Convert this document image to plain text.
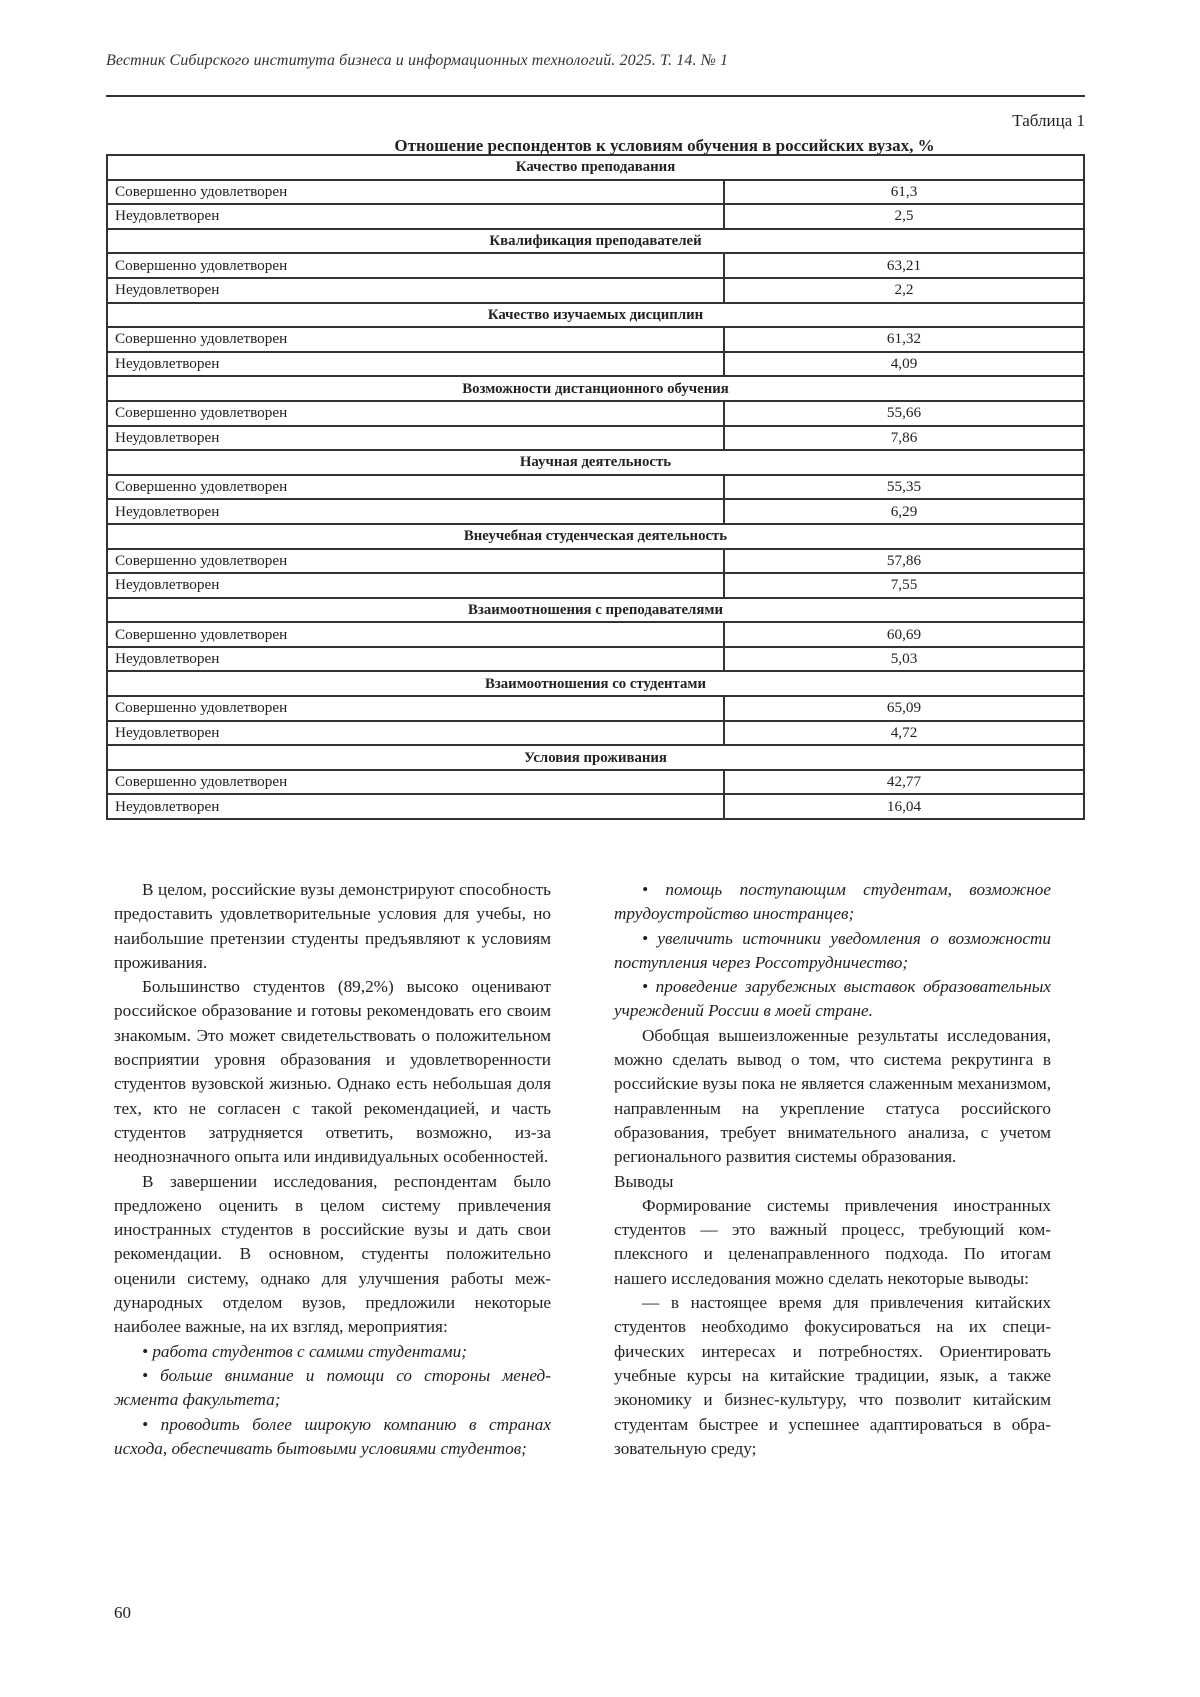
Вестник Сибирского института бизнеса и информационных технологий. 2025. Т. 14. № 1
Таблица 1
Отношение респондентов к условиям обучения в российских вузах, %
Качество преподавания	
Совершенно удовлетворен	61,3
Неудовлетворен	2,5
Квалификация преподавателей	
Совершенно удовлетворен	63,21
Неудовлетворен	2,2
Качество изучаемых дисциплин	
Совершенно удовлетворен	61,32
Неудовлетворен	4,09
Возможности дистанционного обучения	
Совершенно удовлетворен	55,66
Неудовлетворен	7,86
Научная деятельность	
Совершенно удовлетворен	55,35
Неудовлетворен	6,29
Внеучебная студенческая деятельность	
Совершенно удовлетворен	57,86
Неудовлетворен	7,55
Взаимоотношения с преподавателями	
Совершенно удовлетворен	60,69
Неудовлетворен	5,03
Взаимоотношения со студентами	
Совершенно удовлетворен	65,09
Неудовлетворен	4,72
Условия проживания	
Совершенно удовлетворен	42,77
Неудовлетворен	16,04

В целом, российские вузы демонстрируют способность предоставить удовлетворительные условия для учебы, но наибольшие претензии студенты предъявляют к условиям проживания.

Большинство студентов (89,2%) высоко оценивают российское образование и готовы рекомендовать его своим знакомым. Это может свидетельствовать о положительном восприятии уровня образования и удовлетворенности студентов вузовской жизнью. Однако есть небольшая доля тех, кто не согласен с такой рекомендацией, и часть студентов затрудняется ответить, возможно, из-за неоднозначного опыта или индивидуальных особенностей.

В завершении исследования, респондентам было предложено оценить в целом систему привлечения иностранных студентов в российские вузы и дать свои рекомендации. В основном, студенты положительно оценили систему, однако для улучшения работы международных отделом вузов, предложили некоторые наиболее важные, на их взгляд, мероприятия:

• работа студентов с самими студентами;

• больше внимание и помощи со стороны менеджмента факультета;

• проводить более широкую компанию в странах исхода, обеспечивать бытовыми условиями студентов;

• помощь поступающим студентам, возможное трудоустройство иностранцев;

• увеличить источники уведомления о возможности поступления через Россотрудничество;

• проведение зарубежных выставок образовательных учреждений России в моей стране.

Обобщая вышеизложенные результаты исследования, можно сделать вывод о том, что система рекрутинга в российские вузы пока не является слаженным механизмом, направленным на укрепление статуса российского образования, требует внимательного анализа, с учетом регионального развития системы образования.

Выводы

Формирование системы привлечения иностранных студентов — это важный процесс, требующий комплексного и целенаправленного подхода. По итогам нашего исследования можно сделать некоторые выводы:

— в настоящее время для привлечения китайских студентов необходимо фокусироваться на их специфических интересах и потребностях. Ориентировать учебные курсы на китайские традиции, язык, а также экономику и бизнес-культуру, что позволит китайским студентам быстрее и успешнее адаптироваться в образовательную среду;

60
